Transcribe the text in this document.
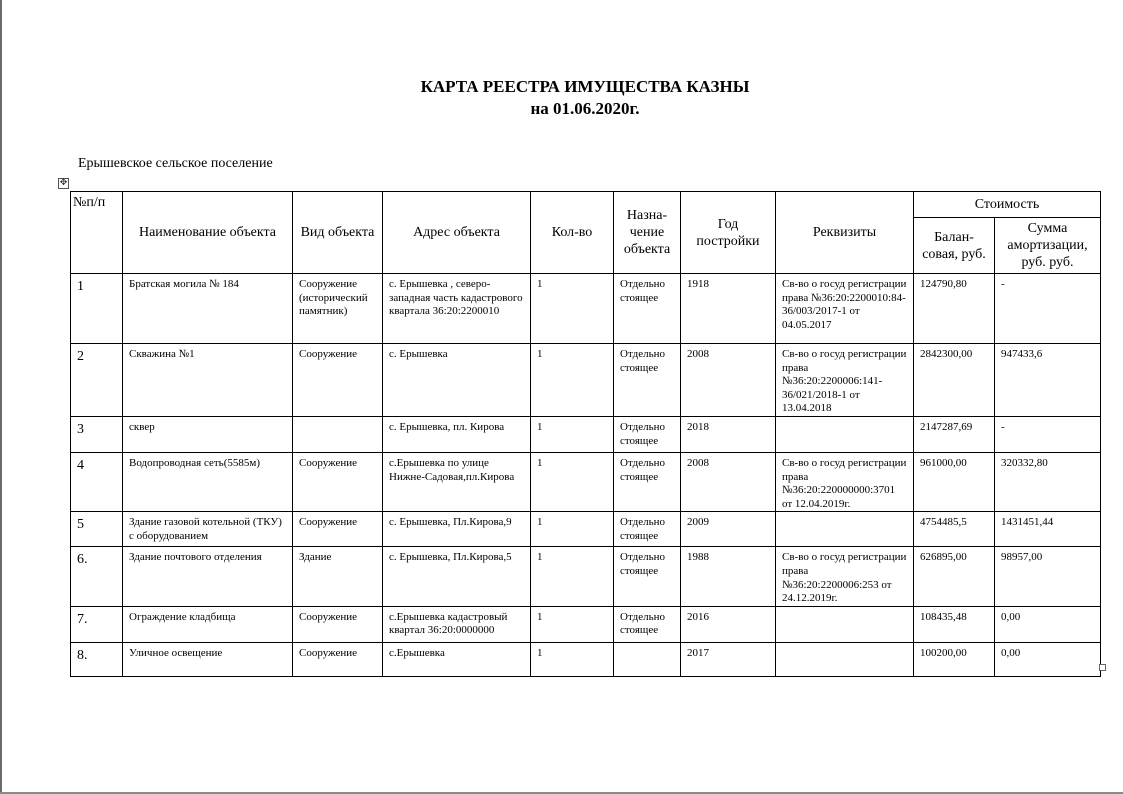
КАРТА РЕЕСТРА ИМУЩЕСТВА КАЗНЫ
на 01.06.2020г.
Ерышевское сельское поселение
✥
№п/п	Наименование объекта	Вид объекта	Адрес объекта	Кол-во	Назна-чение объекта	Год постройки	Реквизиты	Стоимость	
								Балан-совая, руб.	Сумма амортизации, руб. руб.
1	Братская могила № 184	Сооружение (исторический памятник)	с. Ерышевка , северо-западная часть кадастрового квартала 36:20:2200010	1	Отдельно стоящее	1918	Св-во о госуд регистрации права №36:20:2200010:84-36/003/2017-1 от 04.05.2017	124790,80	-
2	Скважина №1	Сооружение	с. Ерышевка	1	Отдельно стоящее	2008	Св-во о госуд регистрации права №36:20:2200006:141-36/021/2018-1 от 13.04.2018	2842300,00	947433,6
3	сквер		с. Ерышевка, пл. Кирова	1	Отдельно стоящее	2018		2147287,69	-
4	Водопроводная сеть(5585м)	Сооружение	с.Ерышевка по улице Нижне-Садовая,пл.Кирова	1	Отдельно стоящее	2008	Св-во о госуд регистрации права №36:20:220000000:3701 от 12.04.2019г.	961000,00	320332,80
5	Здание газовой котельной (ТКУ) с оборудованием	Сооружение	с. Ерышевка, Пл.Кирова,9	1	Отдельно стоящее	2009		4754485,5	1431451,44
6.	Здание почтового отделения	Здание	с. Ерышевка, Пл.Кирова,5	1	Отдельно стоящее	1988	Св-во о госуд регистрации права №36:20:2200006:253 от 24.12.2019г.	626895,00	98957,00
7.	Ограждение кладбища	Сооружение	с.Ерышевка кадастровый квартал 36:20:0000000	1	Отдельно стоящее	2016		108435,48	0,00
8.	Уличное освещение	Сооружение	с.Ерышевка	1		2017		100200,00	0,00
